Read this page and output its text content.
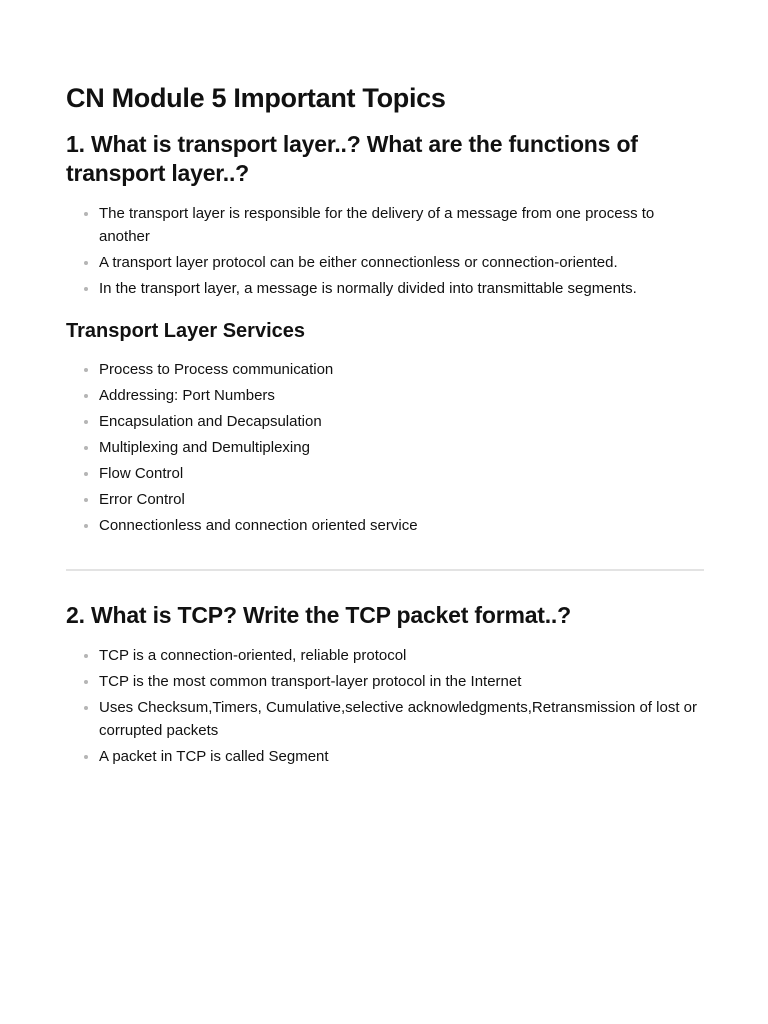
CN Module 5 Important Topics
1. What is transport layer..? What are the functions of transport layer..?
The transport layer is responsible for the delivery of a message from one process to another
A transport layer protocol can be either connectionless or connection-oriented.
In the transport layer, a message is normally divided into transmittable segments.
Transport Layer Services
Process to Process communication
Addressing: Port Numbers
Encapsulation and Decapsulation
Multiplexing and Demultiplexing
Flow Control
Error Control
Connectionless and connection oriented service
2. What is TCP? Write the TCP packet format..?
TCP is a connection-oriented, reliable protocol
TCP is the most common transport-layer protocol in the Internet
Uses Checksum,Timers, Cumulative,selective acknowledgments,Retransmission of lost or corrupted packets
A packet in TCP is called Segment
